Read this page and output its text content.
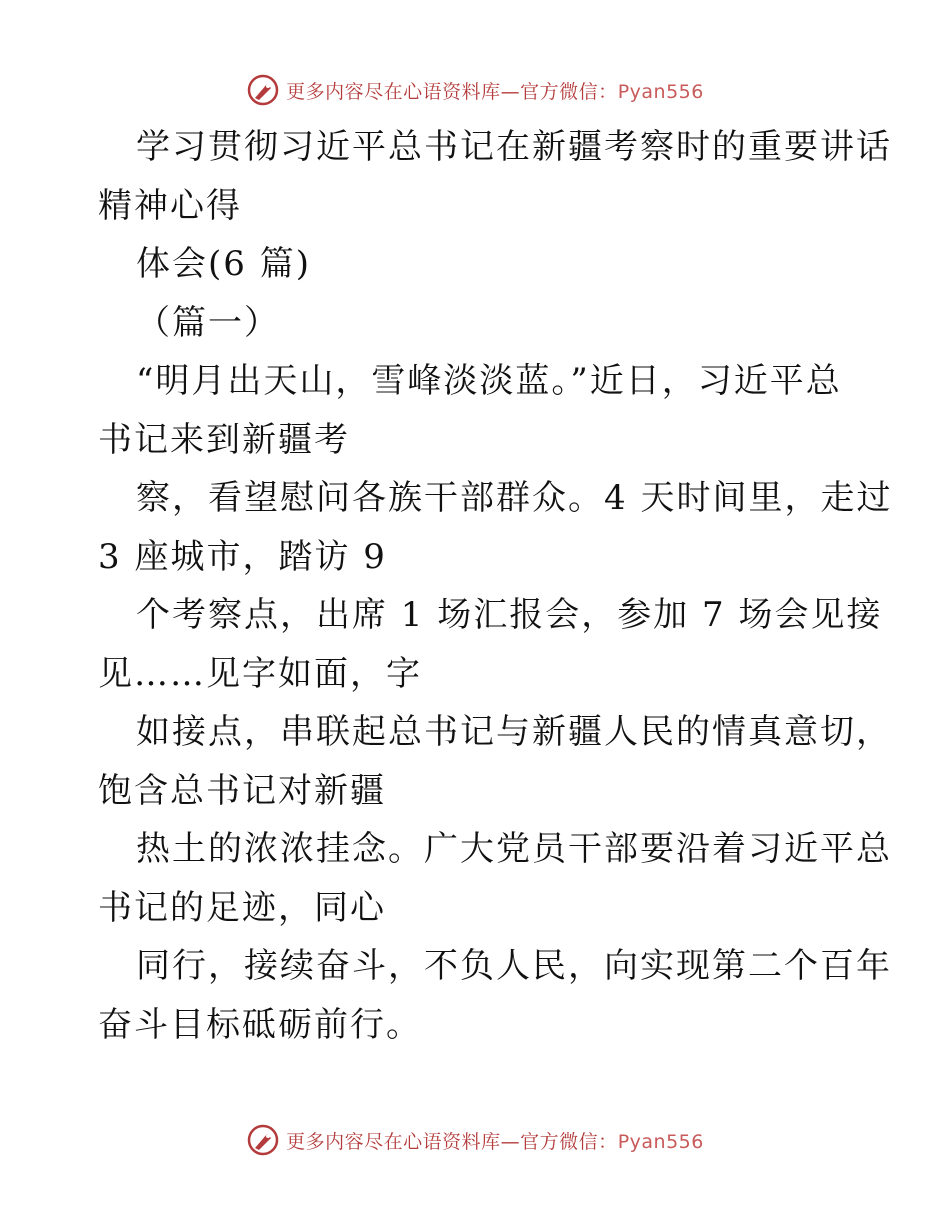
更多内容尽在心语资料库—官方微信：Pyan556
学习贯彻习近平总书记在新疆考察时的重要讲话
精神心得
体会(6 篇)
（篇一）
“明月出天山，雪峰淡淡蓝。”近日，习近平总
书记来到新疆考
察，看望慰问各族干部群众。4 天时间里，走过
3 座城市，踏访 9
个考察点，出席 1 场汇报会，参加 7 场会见接
见……见字如面，字
如接点，串联起总书记与新疆人民的情真意切，
饱含总书记对新疆
热土的浓浓挂念。广大党员干部要沿着习近平总
书记的足迹，同心
同行，接续奋斗，不负人民，向实现第二个百年
奋斗目标砥砺前行。
更多内容尽在心语资料库—官方微信：Pyan556
